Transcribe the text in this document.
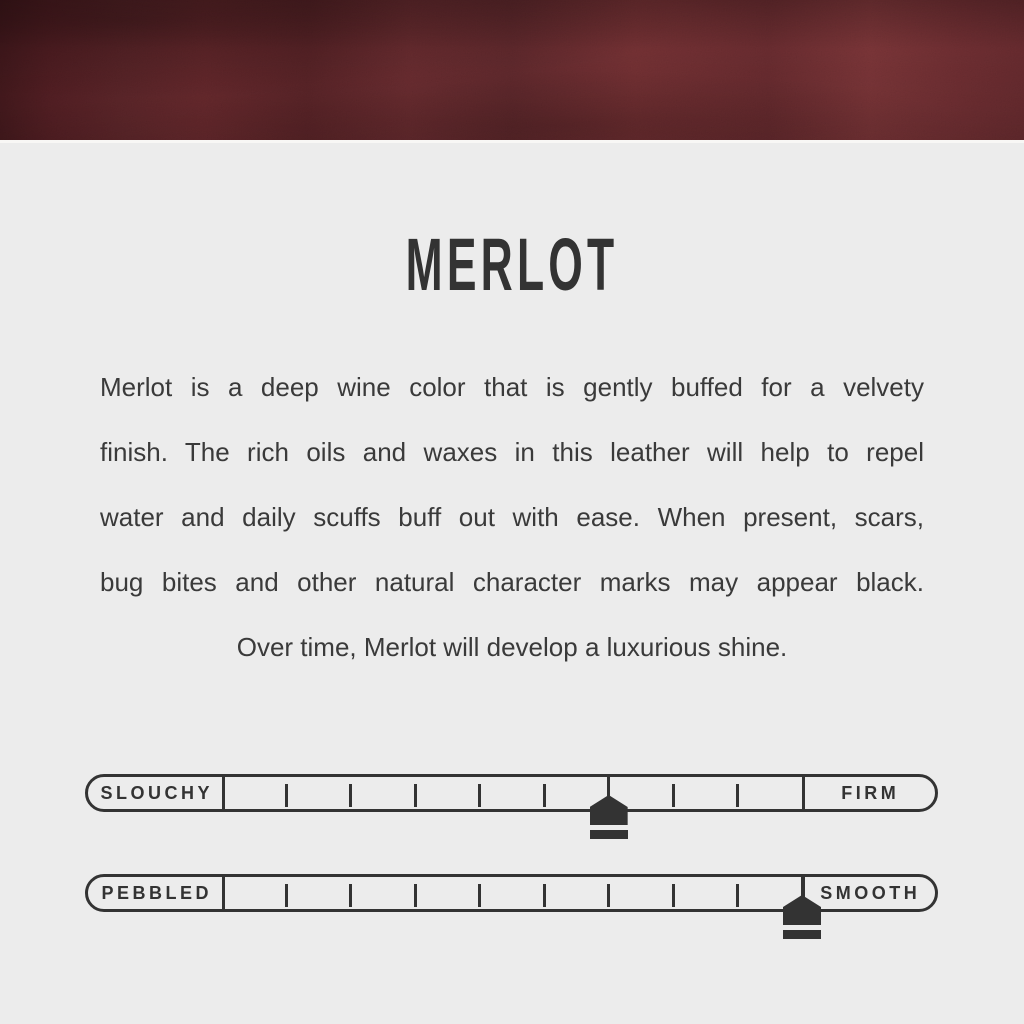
MERLOT
Merlot is a deep wine color that is gently buffed for a velvety
finish. The rich oils and waxes in this leather will help to repel
water and daily scuffs buff out with ease. When present, scars,
bug bites and other natural character marks may appear black.
Over time, Merlot will develop a luxurious shine.
SLOUCHY	FIRM
PEBBLED	SMOOTH
